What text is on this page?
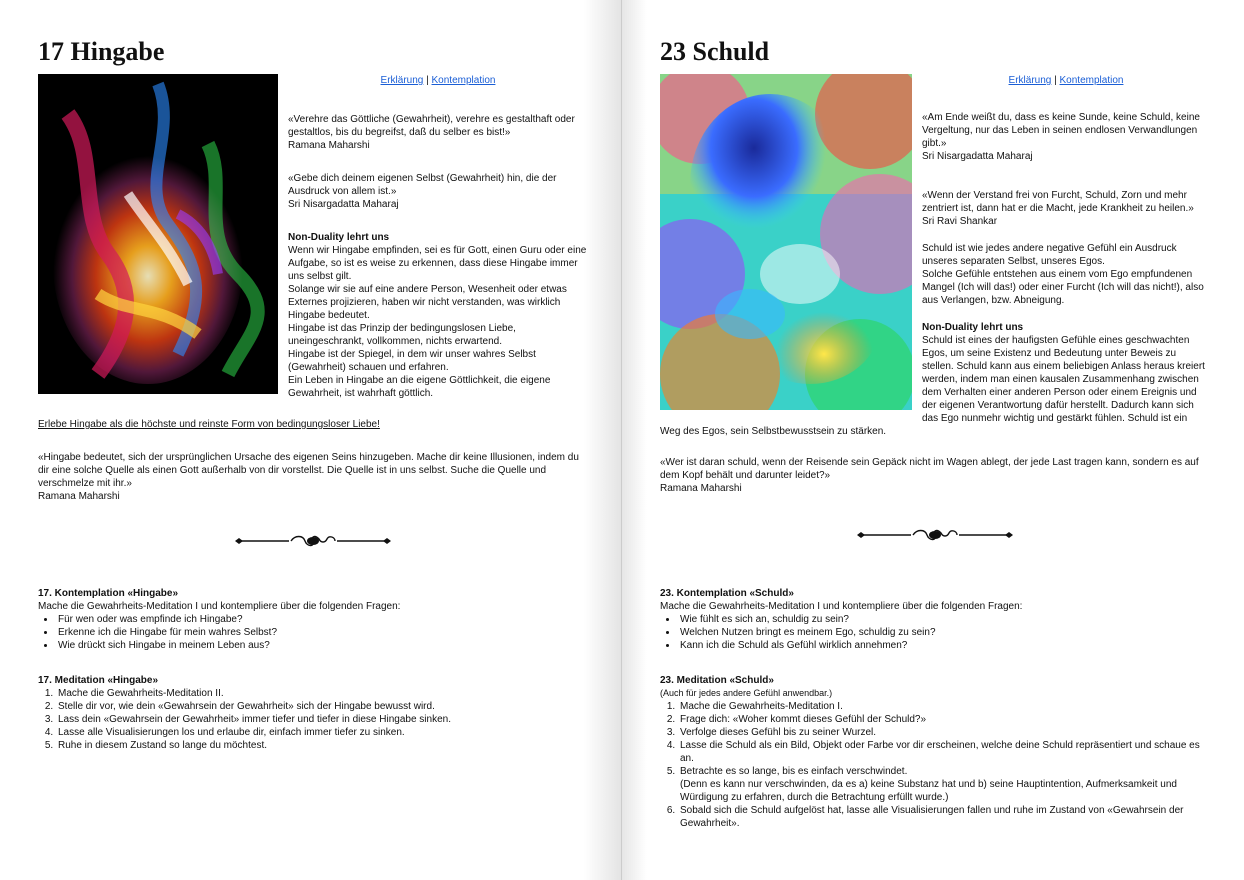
17 Hingabe
Erklärung | Kontemplation
«Verehre das Göttliche (Gewahrheit), verehre es gestalthaft oder gestaltlos, bis du begreifst, daß du selber es bist!»
Ramana Maharshi
«Gebe dich deinem eigenen Selbst (Gewahrheit) hin, die der Ausdruck von allem ist.»
Sri Nisargadatta Maharaj
Non-Duality lehrt uns
Wenn wir Hingabe empfinden, sei es für Gott, einen Guru oder eine Aufgabe, so ist es weise zu erkennen, dass diese Hingabe immer uns selbst gilt.
Solange wir sie auf eine andere Person, Wesenheit oder etwas Externes projizieren, haben wir nicht verstanden, was wirklich Hingabe bedeutet.
Hingabe ist das Prinzip der bedingungslosen Liebe, uneingeschrankt, vollkommen, nichts erwartend.
Hingabe ist der Spiegel, in dem wir unser wahres Selbst (Gewahrheit) schauen und erfahren.
Ein Leben in Hingabe an die eigene Göttlichkeit, die eigene Gewahrheit, ist wahrhaft göttlich.

Erlebe Hingabe als die höchste und reinste Form von bedingungsloser Liebe!

«Hingabe bedeutet, sich der ursprünglichen Ursache des eigenen Seins hinzugeben. Mache dir keine Illusionen, indem du dir eine solche Quelle als einen Gott außerhalb von dir vorstellst. Die Quelle ist in uns selbst. Suche die Quelle und verschmelze mit ihr.»
Ramana Maharshi
17. Kontemplation «Hingabe»
Mache die Gewahrheits-Meditation I und kontempliere über die folgenden Fragen:
• Für wen oder was empfinde ich Hingabe?
• Erkenne ich die Hingabe für mein wahres Selbst?
• Wie drückt sich Hingabe in meinem Leben aus?
17. Meditation «Hingabe»
1. Mache die Gewahrheits-Meditation II.
2. Stelle dir vor, wie dein «Gewahrsein der Gewahrheit» sich der Hingabe bewusst wird.
3. Lass dein «Gewahrsein der Gewahrheit» immer tiefer und tiefer in diese Hingabe sinken.
4. Lasse alle Visualisierungen los und erlaube dir, einfach immer tiefer zu sinken.
5. Ruhe in diesem Zustand so lange du möchtest.
23 Schuld
Erklärung | Kontemplation
«Am Ende weißt du, dass es keine Sunde, keine Schuld, keine Vergeltung, nur das Leben in seinen endlosen Verwandlungen gibt.»
Sri Nisargadatta Maharaj
«Wenn der Verstand frei von Furcht, Schuld, Zorn und mehr zentriert ist, dann hat er die Macht, jede Krankheit zu heilen.»
Sri Ravi Shankar
Schuld ist wie jedes andere negative Gefühl ein Ausdruck unseres separaten Selbst, unseres Egos.
Solche Gefühle entstehen aus einem vom Ego empfundenen Mangel (Ich will das!) oder einer Furcht (Ich will das nicht!), also aus Verlangen, bzw. Abneigung.
Non-Duality lehrt uns
Schuld ist eines der haufigsten Gefühle eines geschwachten Egos, um seine Existenz und Bedeutung unter Beweis zu stellen. Schuld kann aus einem beliebigen Anlass heraus kreiert werden, indem man einen kausalen Zusammenhang zwischen dem Verhalten einer anderen Person oder einem Ereignis und der eigenen Verantwortung dafür herstellt. Dadurch kann sich das Ego nunmehr wichtig und gestärkt fühlen. Schuld ist ein Weg des Egos, sein Selbstbewusstsein zu stärken.
«Wer ist daran schuld, wenn der Reisende sein Gepäck nicht im Wagen ablegt, der jede Last tragen kann, sondern es auf dem Kopf behält und darunter leidet?»
Ramana Maharshi
23. Kontemplation «Schuld»
Mache die Gewahrheits-Meditation I und kontempliere über die folgenden Fragen:
• Wie fühlt es sich an, schuldig zu sein?
• Welchen Nutzen bringt es meinem Ego, schuldig zu sein?
• Kann ich die Schuld als Gefühl wirklich annehmen?
23. Meditation «Schuld»
(Auch für jedes andere Gefühl anwendbar.)
1. Mache die Gewahrheits-Meditation I.
2. Frage dich: «Woher kommt dieses Gefühl der Schuld?»
3. Verfolge dieses Gefühl bis zu seiner Wurzel.
4. Lasse die Schuld als ein Bild, Objekt oder Farbe vor dir erscheinen, welche deine Schuld repräsentiert und schaue es an.
5. Betrachte es so lange, bis es einfach verschwindet.
(Denn es kann nur verschwinden, da es a) keine Substanz hat und b) seine Hauptintention, Aufmerksamkeit und Würdigung zu erfahren, durch die Betrachtung erfüllt wurde.)
6. Sobald sich die Schuld aufgelöst hat, lasse alle Visualisierungen fallen und ruhe im Zustand von «Gewahrsein der Gewahrheit».
